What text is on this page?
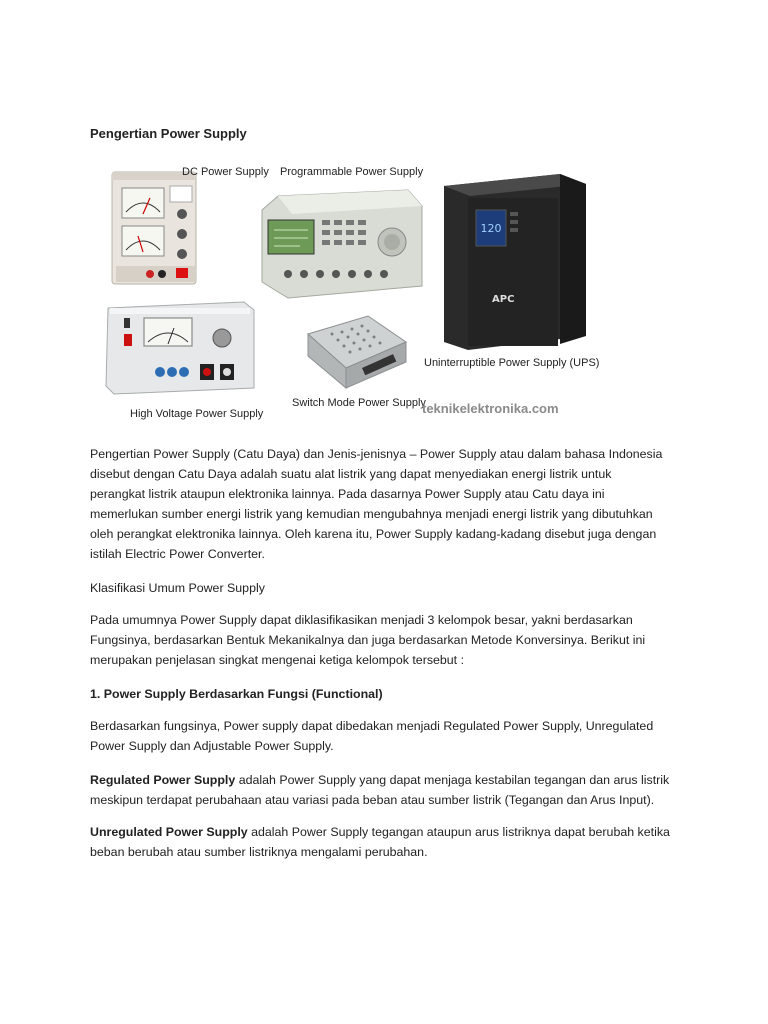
Pengertian Power Supply
DC Power Supply Programmable Power Supply
120
APC
High Voltage Power Supply
Switch Mode Power Supply
Uninterruptible Power Supply (UPS)
teknikelektronika.com
Pengertian Power Supply (Catu Daya) dan Jenis-jenisnya – Power Supply atau dalam bahasa Indonesia
disebut dengan Catu Daya adalah suatu alat listrik yang dapat menyediakan energi listrik untuk
perangkat listrik ataupun elektronika lainnya. Pada dasarnya Power Supply atau Catu daya ini
memerlukan sumber energi listrik yang kemudian mengubahnya menjadi energi listrik yang dibutuhkan
oleh perangkat elektronika lainnya. Oleh karena itu, Power Supply kadang-kadang disebut juga dengan
istilah Electric Power Converter.
Klasifikasi Umum Power Supply
Pada umumnya Power Supply dapat diklasifikasikan menjadi 3 kelompok besar, yakni berdasarkan
Fungsinya, berdasarkan Bentuk Mekanikalnya dan juga berdasarkan Metode Konversinya. Berikut ini
merupakan penjelasan singkat mengenai ketiga kelompok tersebut :
1. Power Supply Berdasarkan Fungsi (Functional)
Berdasarkan fungsinya, Power supply dapat dibedakan menjadi Regulated Power Supply, Unregulated
Power Supply dan Adjustable Power Supply.
Regulated Power Supply adalah Power Supply yang dapat menjaga kestabilan tegangan dan arus listrik
meskipun terdapat perubahaan atau variasi pada beban atau sumber listrik (Tegangan dan Arus Input).
Unregulated Power Supply adalah Power Supply tegangan ataupun arus listriknya dapat berubah ketika
beban berubah atau sumber listriknya mengalami perubahan.
